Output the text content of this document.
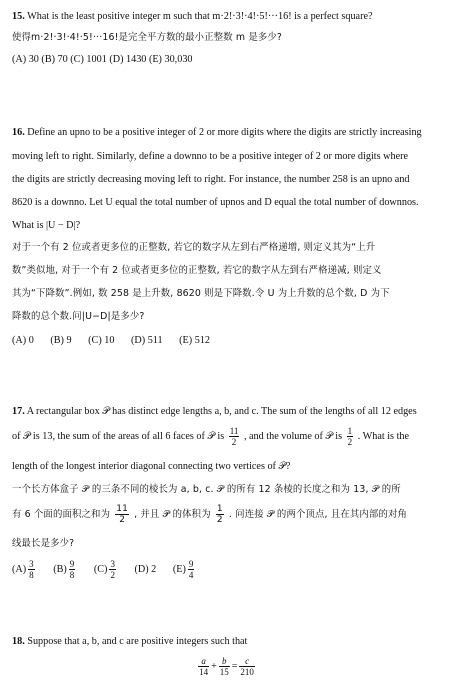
15. What is the least positive integer m such that m·2!·3!·4!·5!···16! is a perfect square?
使得m·2!·3!·4!·5!···16!是完全平方数的最小正整数 m 是多少?
(A) 30 (B) 70 (C) 1001 (D) 1430 (E) 30,030
16. Define an upno to be a positive integer of 2 or more digits where the digits are strictly increasing
moving left to right. Similarly, define a downno to be a positive integer of 2 or more digits where
the digits are strictly decreasing moving left to right. For instance, the number 258 is an upno and
8620 is a downno. Let U equal the total number of upnos and D equal the total number of downnos.
What is |U − D|?
对于一个有 2 位或者更多位的正整数, 若它的数字从左到右严格递增, 则定义其为“上升
数”类似地, 对于一个有 2 位或者更多位的正整数, 若它的数字从左到右严格递减, 则定义
其为“下降数”.例如, 数 258 是上升数, 8620 则是下降数.令 U 为上升数的总个数, D 为下
降数的总个数.问|U−D|是多少?
(A) 0 (B) 9 (C) 10 (D) 511 (E) 512
17. A rectangular box 𝒫 has distinct edge lengths a, b, and c. The sum of the lengths of all 12 edges
of 𝒫 is 13, the sum of the areas of all 6 faces of 𝒫 is $\frac{11}{2}$ , and the volume of 𝒫 is $\frac{1}{2}$ . What is the
length of the longest interior diagonal connecting two vertices of 𝒫?
一个长方体盒子 𝒫 的三条不同的棱长为 a, b, c. 𝒫 的所有 12 条棱的长度之和为 13, 𝒫 的所
有 6 个面的面积之和为 $\frac{11}{2}$ , 并且 𝒫 的体积为 $\frac{1}{2}$ . 问连接 𝒫 的两个顶点, 且在其内部的对角
线最长是多少?
$(A) \frac{3}{8} (B) \frac{9}{8} (C) \frac{3}{2} (D)$ 2 $(E) \frac{9}{4}$
18. Suppose that a, b, and c are positive integers such that
$\frac{a}{14} + \frac{b}{15} = \frac{c}{210}$
